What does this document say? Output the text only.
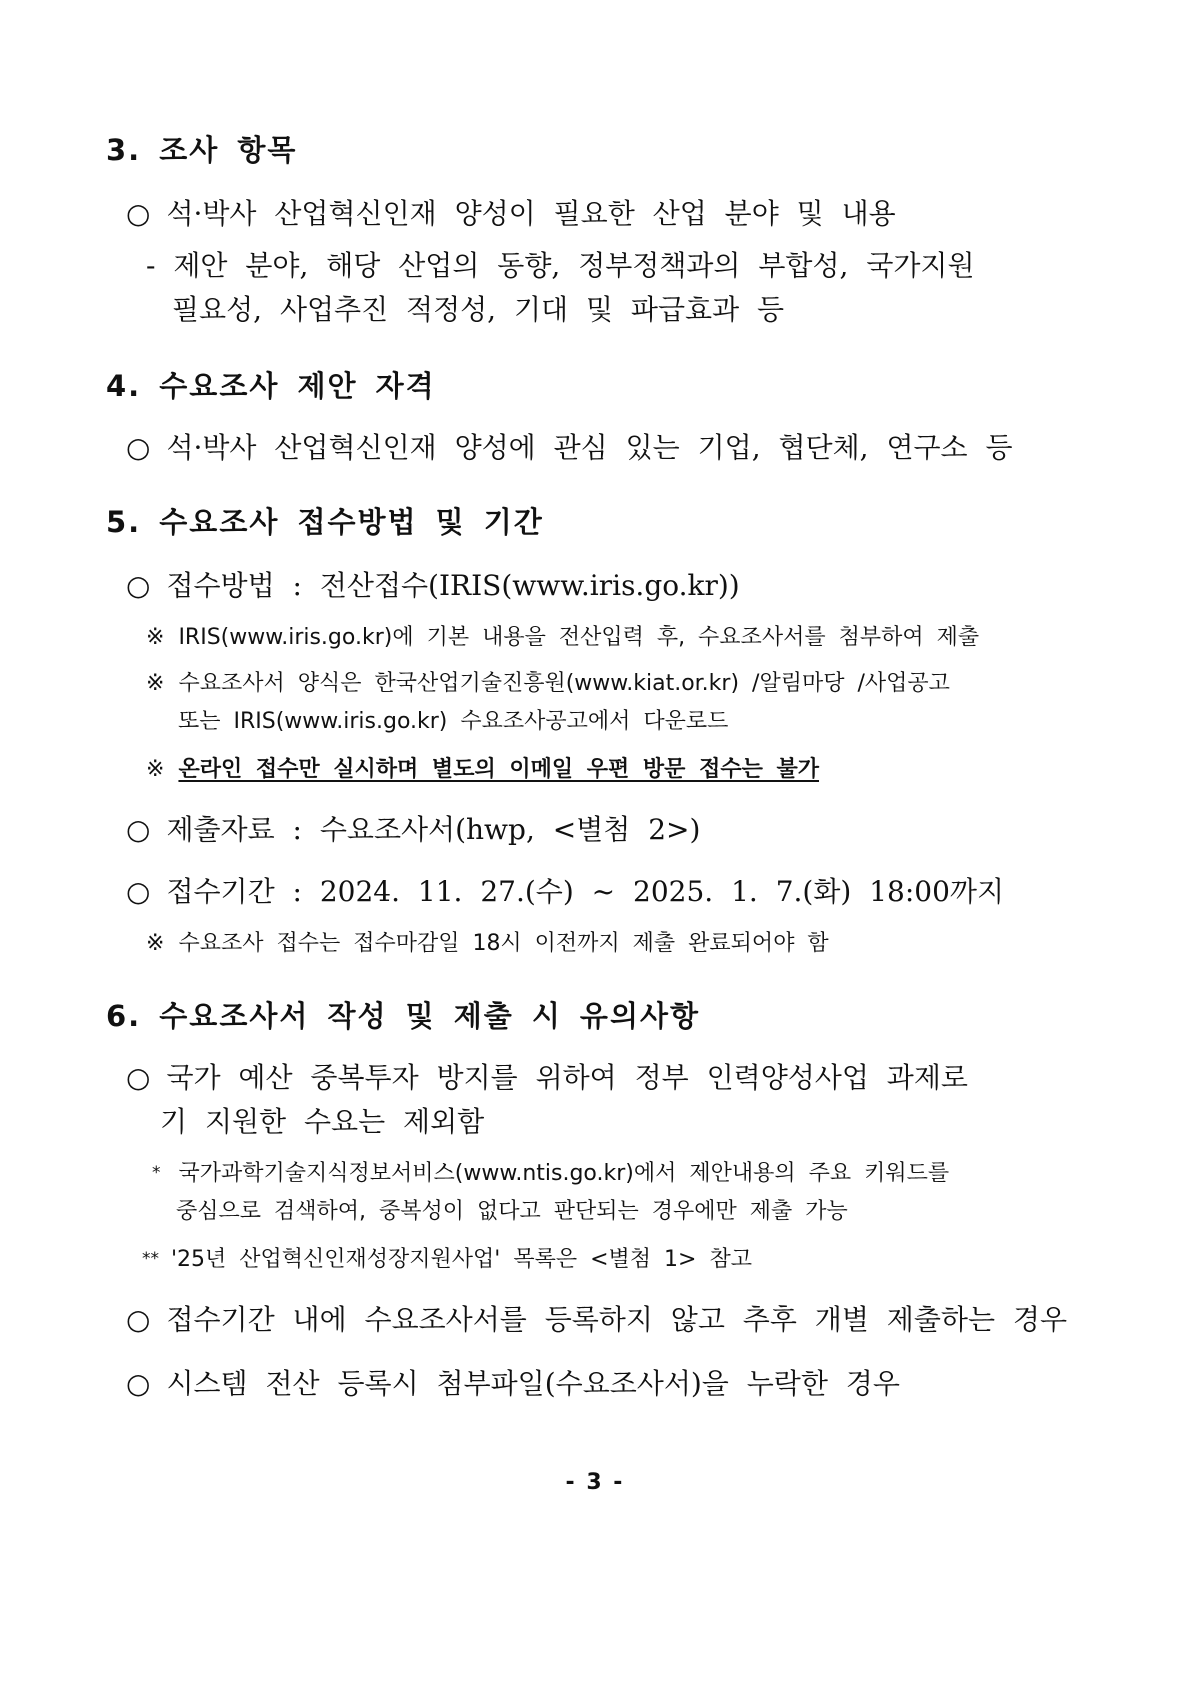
3. 조사 항목
○ 석·박사 산업혁신인재 양성이 필요한 산업 분야 및 내용
- 제안 분야, 해당 산업의 동향, 정부정책과의 부합성, 국가지원
필요성, 사업추진 적정성, 기대 및 파급효과 등
4. 수요조사 제안 자격
○ 석·박사 산업혁신인재 양성에 관심 있는 기업, 협단체, 연구소 등
5. 수요조사 접수방법 및 기간
○ 접수방법 : 전산접수(IRIS(www.iris.go.kr))
※ IRIS(www.iris.go.kr)에 기본 내용을 전산입력 후, 수요조사서를 첨부하여 제출
※ 수요조사서 양식은 한국산업기술진흥원(www.kiat.or.kr) /알림마당 /사업공고
또는 IRIS(www.iris.go.kr) 수요조사공고에서 다운로드
※ 온라인 접수만 실시하며 별도의 이메일 우편 방문 접수는 불가
○ 제출자료 : 수요조사서(hwp, <별첨 2>)
○ 접수기간 : 2024. 11. 27.(수) ~ 2025. 1. 7.(화) 18:00까지
※ 수요조사 접수는 접수마감일 18시 이전까지 제출 완료되어야 함
6. 수요조사서 작성 및 제출 시 유의사항
○ 국가 예산 중복투자 방지를 위하여 정부 인력양성사업 과제로
기 지원한 수요는 제외함
* 국가과학기술지식정보서비스(www.ntis.go.kr)에서 제안내용의 주요 키워드를
중심으로 검색하여, 중복성이 없다고 판단되는 경우에만 제출 가능
** '25년 산업혁신인재성장지원사업' 목록은 <별첨 1> 참고
○ 접수기간 내에 수요조사서를 등록하지 않고 추후 개별 제출하는 경우
○ 시스템 전산 등록시 첨부파일(수요조사서)을 누락한 경우
- 3 -
